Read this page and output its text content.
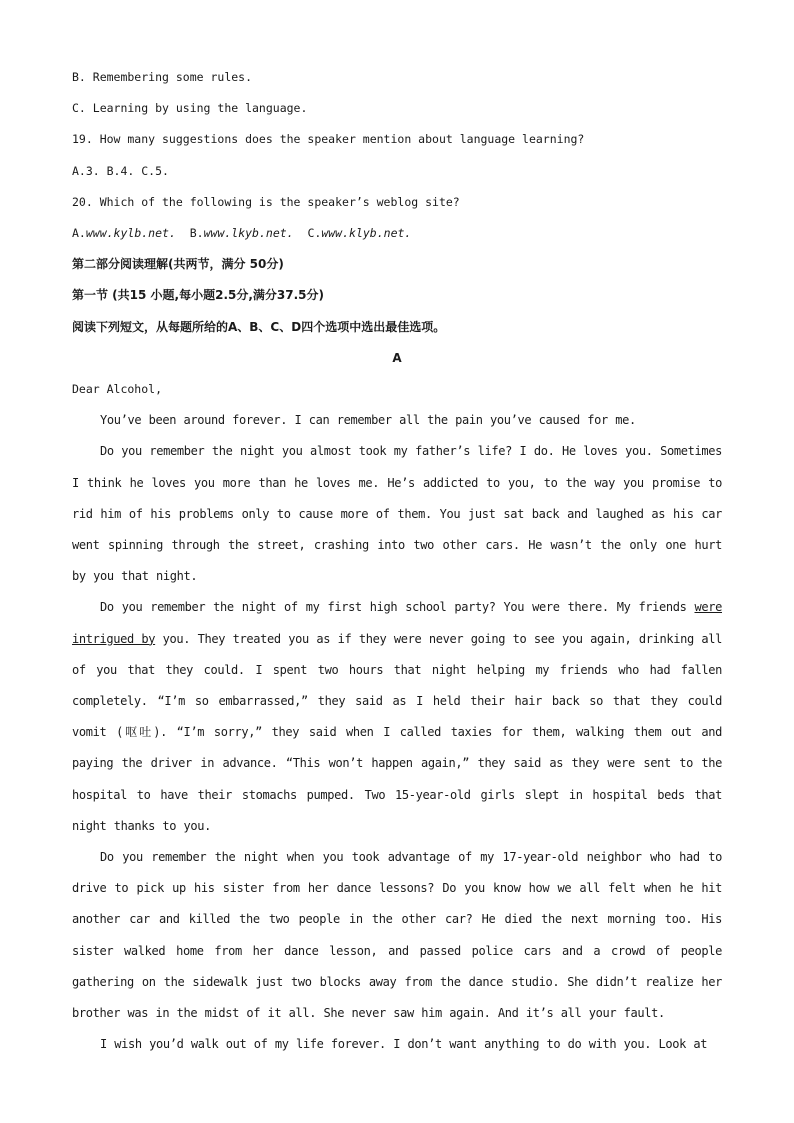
B. Remembering some rules.
C. Learning by using the language.
19. How many suggestions does the speaker mention about language learning?
A.3. B.4. C.5.
20. Which of the following is the speaker’s weblog site?
A.www.kylb.net. B.www.lkyb.net. C.www.klyb.net.
第二部分阅读理解(共两节，满分 50分)
第一节 (共15 小题,每小题2.5分,满分37.5分)
阅读下列短文，从每题所给的A、B、C、D四个选项中选出最佳选项。
A
Dear Alcohol,

You’ve been around forever. I can remember all the pain you’ve caused for me.

Do you remember the night you almost took my father’s life? I do. He loves you. Sometimes I think he loves you more than he loves me. He’s addicted to you, to the way you promise to rid him of his problems only to cause more of them. You just sat back and laughed as his car went spinning through the street, crashing into two other cars. He wasn’t the only one hurt by you that night.

Do you remember the night of my first high school party? You were there. My friends were intrigued by you. They treated you as if they were never going to see you again, drinking all of you that they could. I spent two hours that night helping my friends who had fallen completely. “I’m so embarrassed,” they said as I held their hair back so that they could vomit (呕吐). “I’m sorry,” they said when I called taxies for them, walking them out and paying the driver in advance. “This won’t happen again,” they said as they were sent to the hospital to have their stomachs pumped. Two 15-year-old girls slept in hospital beds that night thanks to you.

Do you remember the night when you took advantage of my 17-year-old neighbor who had to drive to pick up his sister from her dance lessons? Do you know how we all felt when he hit another car and killed the two people in the other car? He died the next morning too. His sister walked home from her dance lesson, and passed police cars and a crowd of people gathering on the sidewalk just two blocks away from the dance studio. She didn’t realize her brother was in the midst of it all. She never saw him again. And it’s all your fault.

I wish you’d walk out of my life forever. I don’t want anything to do with you. Look at
